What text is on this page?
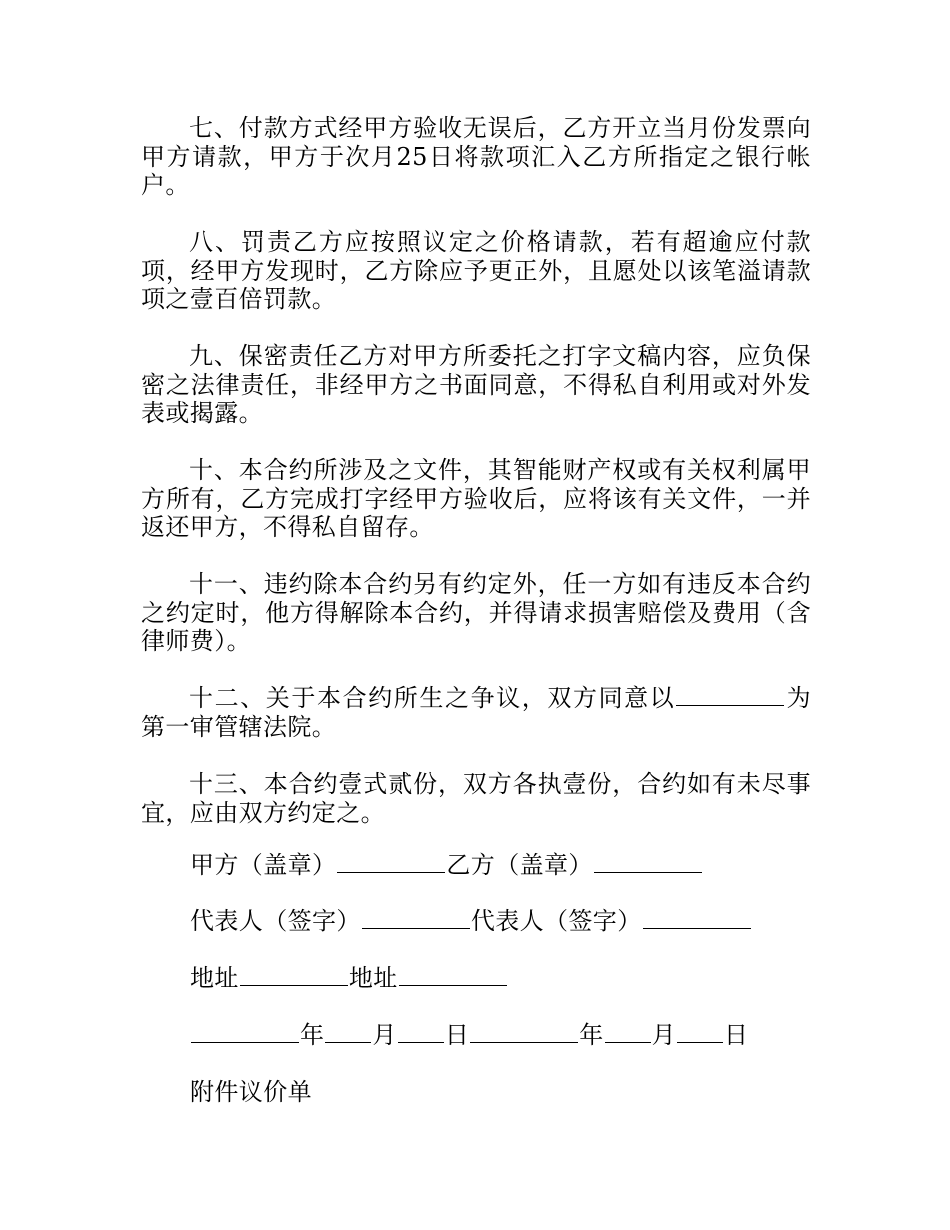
七、付款方式经甲方验收无误后，乙方开立当月份发票向甲方请款，甲方于次月25日将款项汇入乙方所指定之银行帐户。

八、罚责乙方应按照议定之价格请款，若有超逾应付款项，经甲方发现时，乙方除应予更正外，且愿处以该笔溢请款项之壹百倍罚款。

九、保密责任乙方对甲方所委托之打字文稿内容，应负保密之法律责任，非经甲方之书面同意，不得私自利用或对外发表或揭露。

十、本合约所涉及之文件，其智能财产权或有关权利属甲方所有，乙方完成打字经甲方验收后，应将该有关文件，一并返还甲方，不得私自留存。

十一、违约除本合约另有约定外，任一方如有违反本合约之约定时，他方得解除本合约，并得请求损害赔偿及费用（含律师费）。

十二、关于本合约所生之争议，双方同意以	为第一审管辖法院。

十三、本合约壹式贰份，双方各执壹份，合约如有未尽事宜，应由双方约定之。

甲方（盖章）	乙方（盖章）

代表人（签字）	代表人（签字）

地址	地址

年 月 日	年 月 日

附件议价单
